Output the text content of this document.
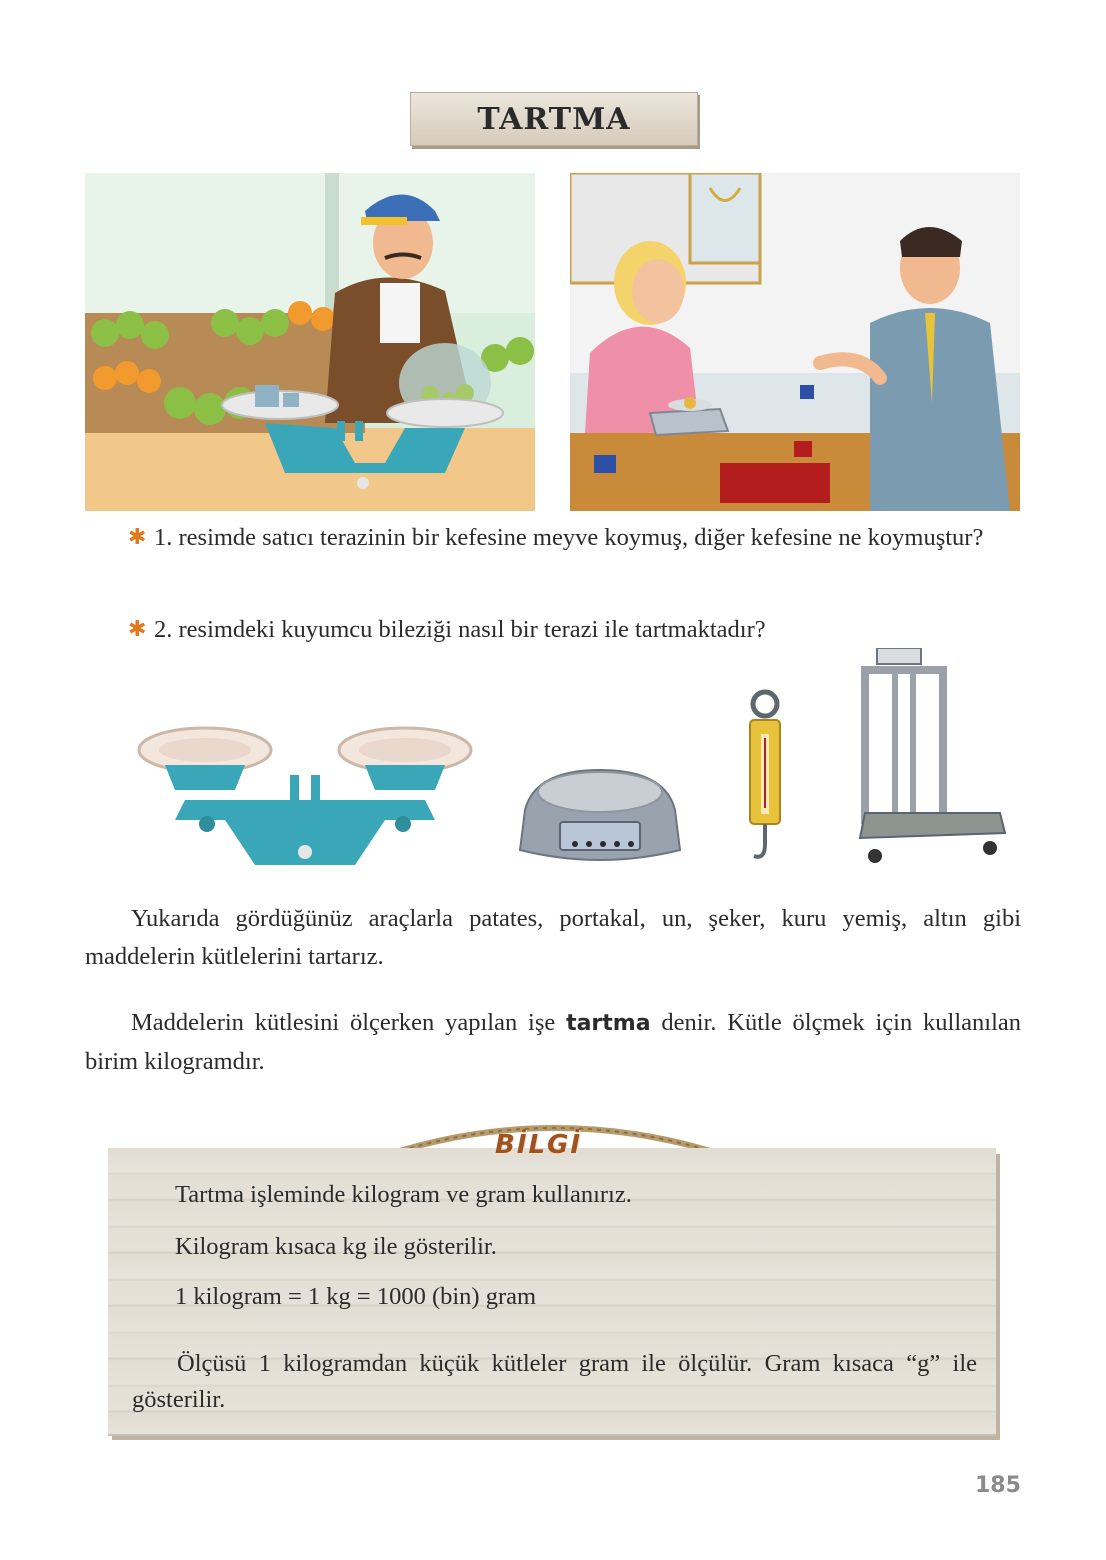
TARTMA
✱ 1. resimde satıcı terazinin bir kefesine meyve koymuş, diğer kefesine ne koymuştur?
✱ 2. resimdeki kuyumcu bileziği nasıl bir terazi ile tartmaktadır?
Yukarıda gördüğünüz araçlarla patates, portakal, un, şeker, kuru yemiş, altın gibi maddelerin kütlelerini tartarız.
Maddelerin kütlesini ölçerken yapılan işe tartma denir. Kütle ölçmek için kullanılan birim kilogramdır.
BİLGİ
Tartma işleminde kilogram ve gram kullanırız.
Kilogram kısaca kg ile gösterilir.
1 kilogram = 1 kg = 1000 (bin) gram
Ölçüsü 1 kilogramdan küçük kütleler gram ile ölçülür. Gram kısaca “g” ile gösterilir.
185
